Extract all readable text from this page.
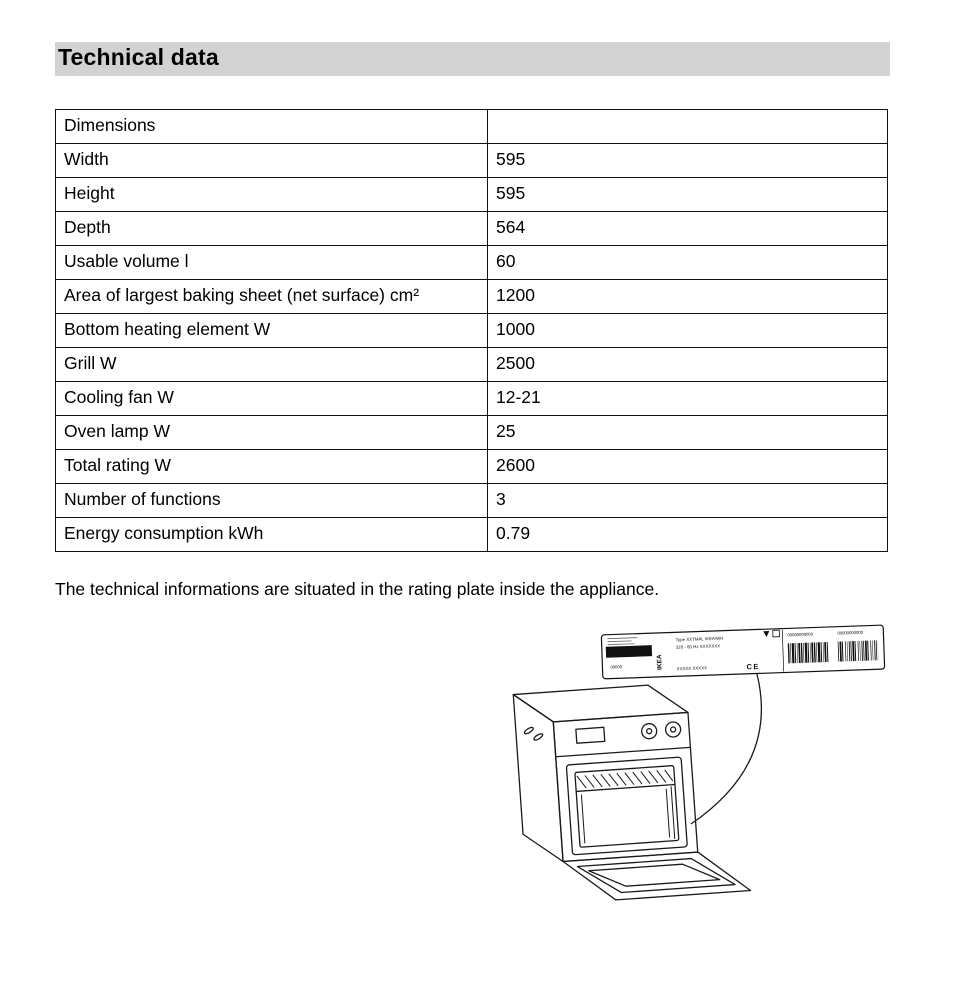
Technical data
Dimensions	
Width	595
Height	595
Depth	564
Usable volume l	60
Area of largest baking sheet (net surface) cm²	1200
Bottom heating element W	1000
Grill W	2500
Cooling fan W	12-21
Oven lamp W	25
Total rating W	2600
Number of functions	3
Energy consumption kWh	0.79

The technical informations are situated in the rating plate inside the appliance.

000.000.00
00000	IKEA
Type XXTMAL IKEA/WH
220 - 60 Hz XXXXXXX
XXXXX XXXXX	CE
00000000000	00000000000
